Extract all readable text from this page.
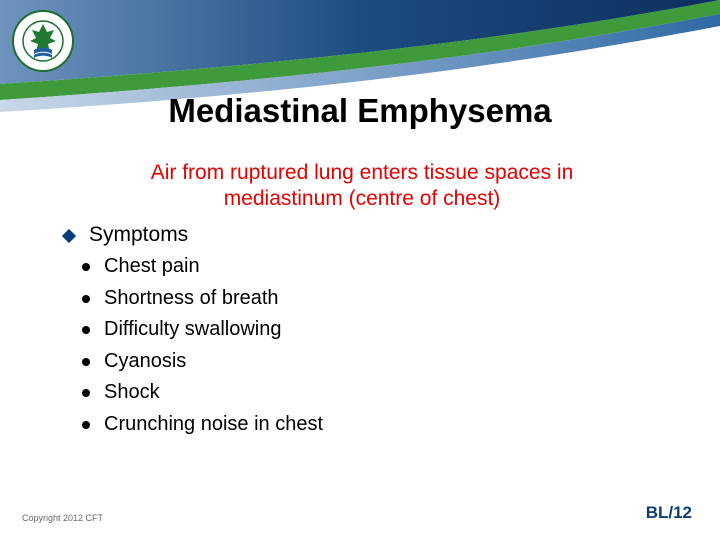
Mediastinal Emphysema
Air from ruptured lung enters tissue spaces in mediastinum (centre of chest)
Symptoms
Chest pain
Shortness of breath
Difficulty swallowing
Cyanosis
Shock
Crunching noise in chest
Copyright 2012 CFT	BL/12
